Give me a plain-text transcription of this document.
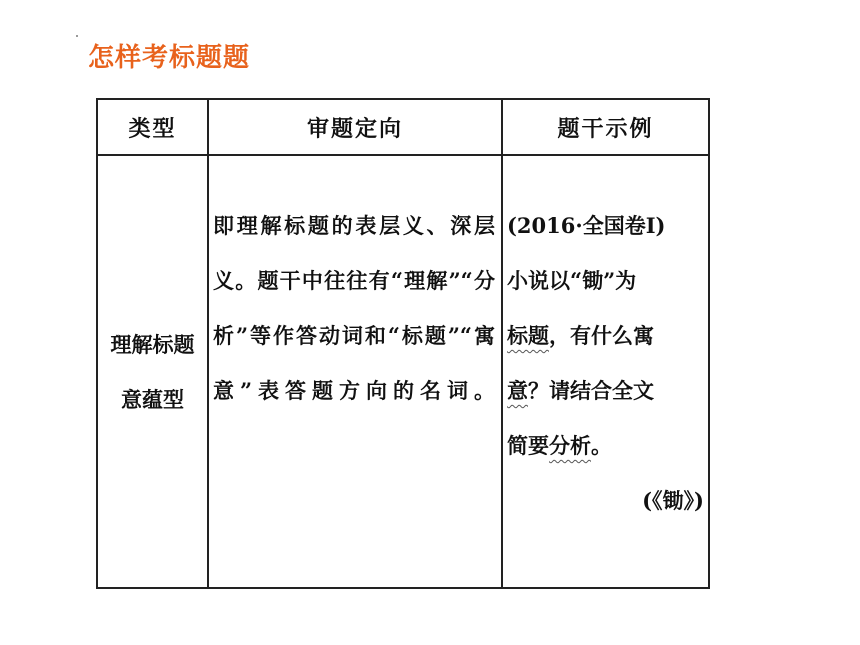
怎样考标题题
类型	审题定向	题干示例
理解标题意蕴型
即理解标题的表层义、深层义。题干中往往有“理解”“分析”等作答动词和“标题”“寓意”表答题方向的名词。
(2016·全国卷Ⅰ)
小说以“锄”为
标题，有什么寓
意？请结合全文
简要分析。
(《锄》)
